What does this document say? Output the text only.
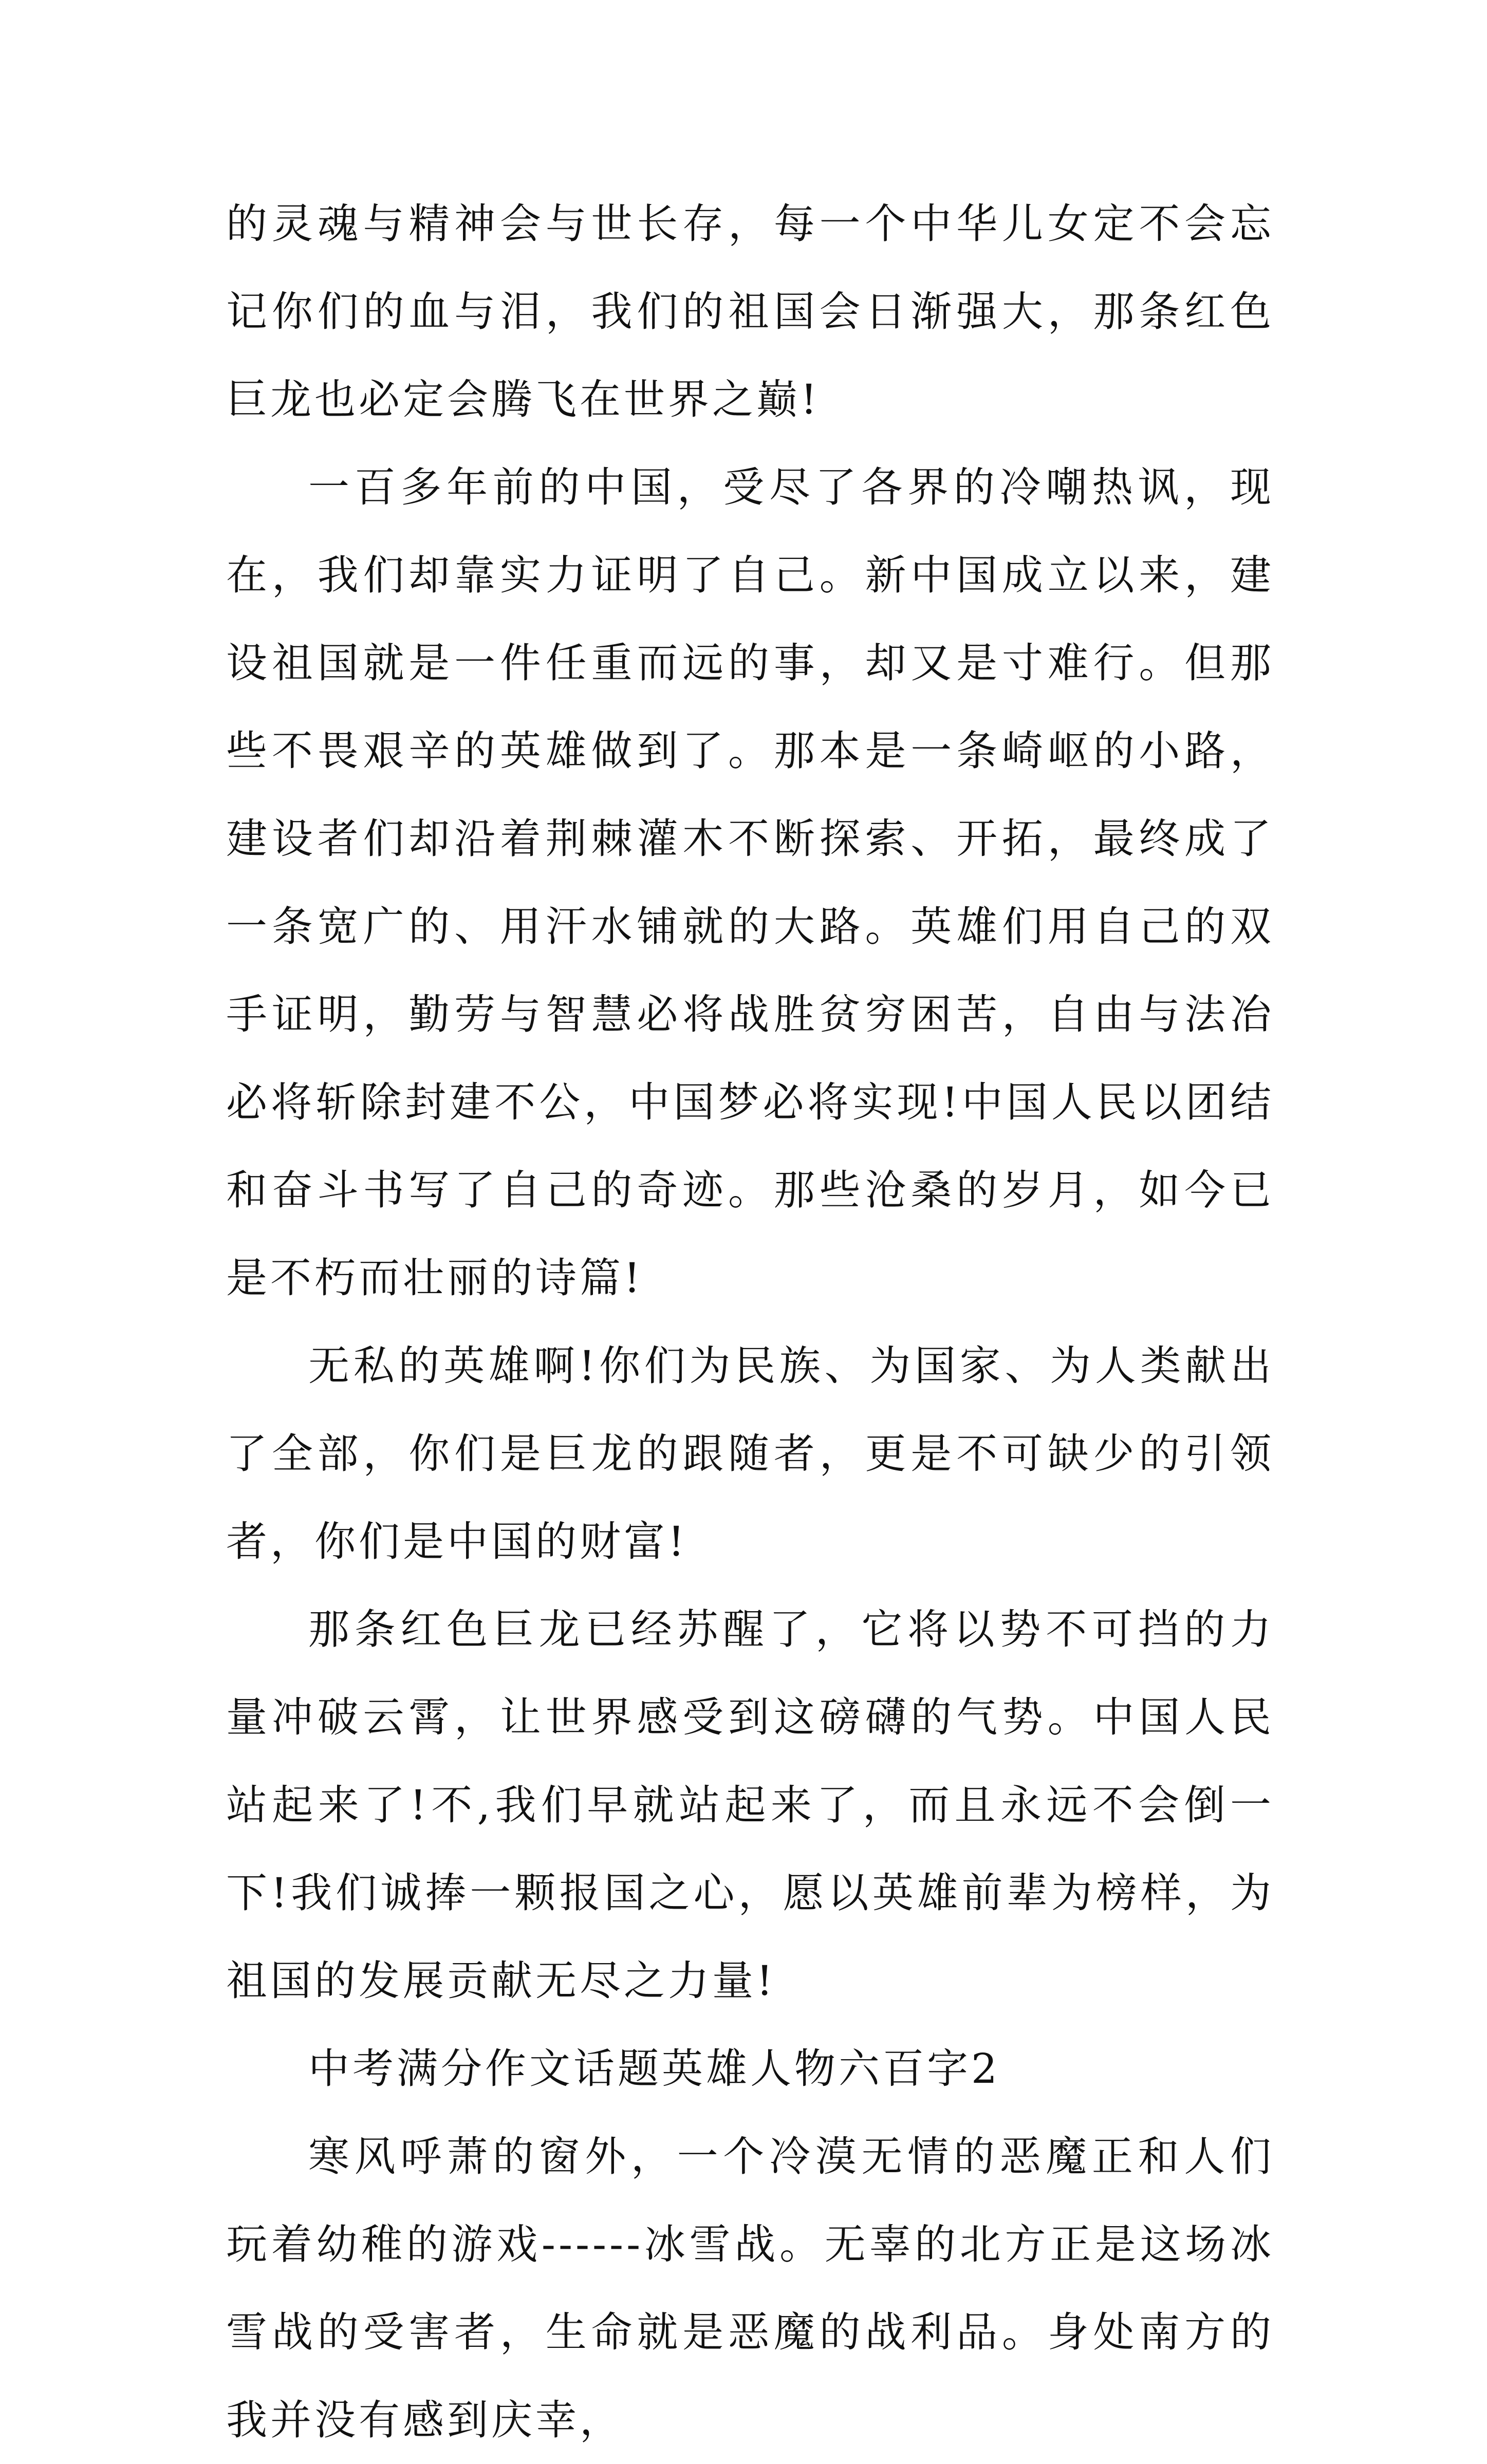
的灵魂与精神会与世长存，每一个中华儿女定不会忘记你们的血与泪，我们的祖国会日渐强大，那条红色巨龙也必定会腾飞在世界之巅!

一百多年前的中国，受尽了各界的冷嘲热讽，现在，我们却靠实力证明了自己。新中国成立以来，建设祖国就是一件任重而远的事，却又是寸难行。但那些不畏艰辛的英雄做到了。那本是一条崎岖的小路，建设者们却沿着荆棘灌木不断探索、开拓，最终成了一条宽广的、用汗水铺就的大路。英雄们用自己的双手证明，勤劳与智慧必将战胜贫穷困苦，自由与法冶必将斩除封建不公，中国梦必将实现!中国人民以团结和奋斗书写了自己的奇迹。那些沧桑的岁月，如今已是不朽而壮丽的诗篇!

无私的英雄啊!你们为民族、为国家、为人类献出了全部，你们是巨龙的跟随者，更是不可缺少的引领者，你们是中国的财富!

那条红色巨龙已经苏醒了，它将以势不可挡的力量冲破云霄，让世界感受到这磅礴的气势。中国人民站起来了!不,我们早就站起来了，而且永远不会倒一下!我们诚捧一颗报国之心，愿以英雄前辈为榜样，为祖国的发展贡献无尽之力量!

中考满分作文话题英雄人物六百字2

寒风呼萧的窗外，一个冷漠无情的恶魔正和人们玩着幼稚的游戏------冰雪战。无辜的北方正是这场冰雪战的受害者，生命就是恶魔的战利品。身处南方的我并没有感到庆幸，
